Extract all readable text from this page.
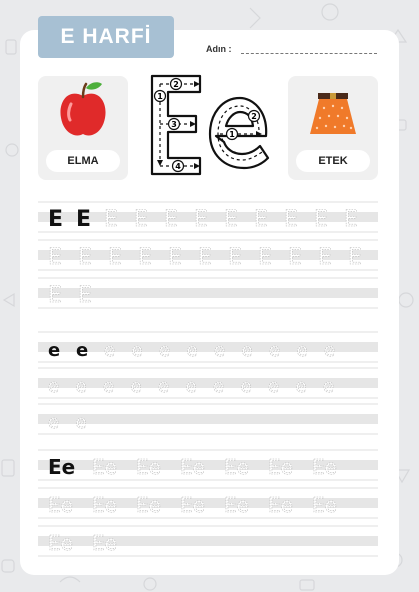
E HARFİ
Adın :
ELMA	ETEK
1
2
3
4
1
2
E E E E E E E E E E E
E E E E E E E E E E E
E E
e e e e e e e e e e e
e e e e e e e e e e e
e e
Ee Ee Ee Ee Ee Ee Ee
Ee Ee Ee Ee Ee Ee Ee
Ee Ee
